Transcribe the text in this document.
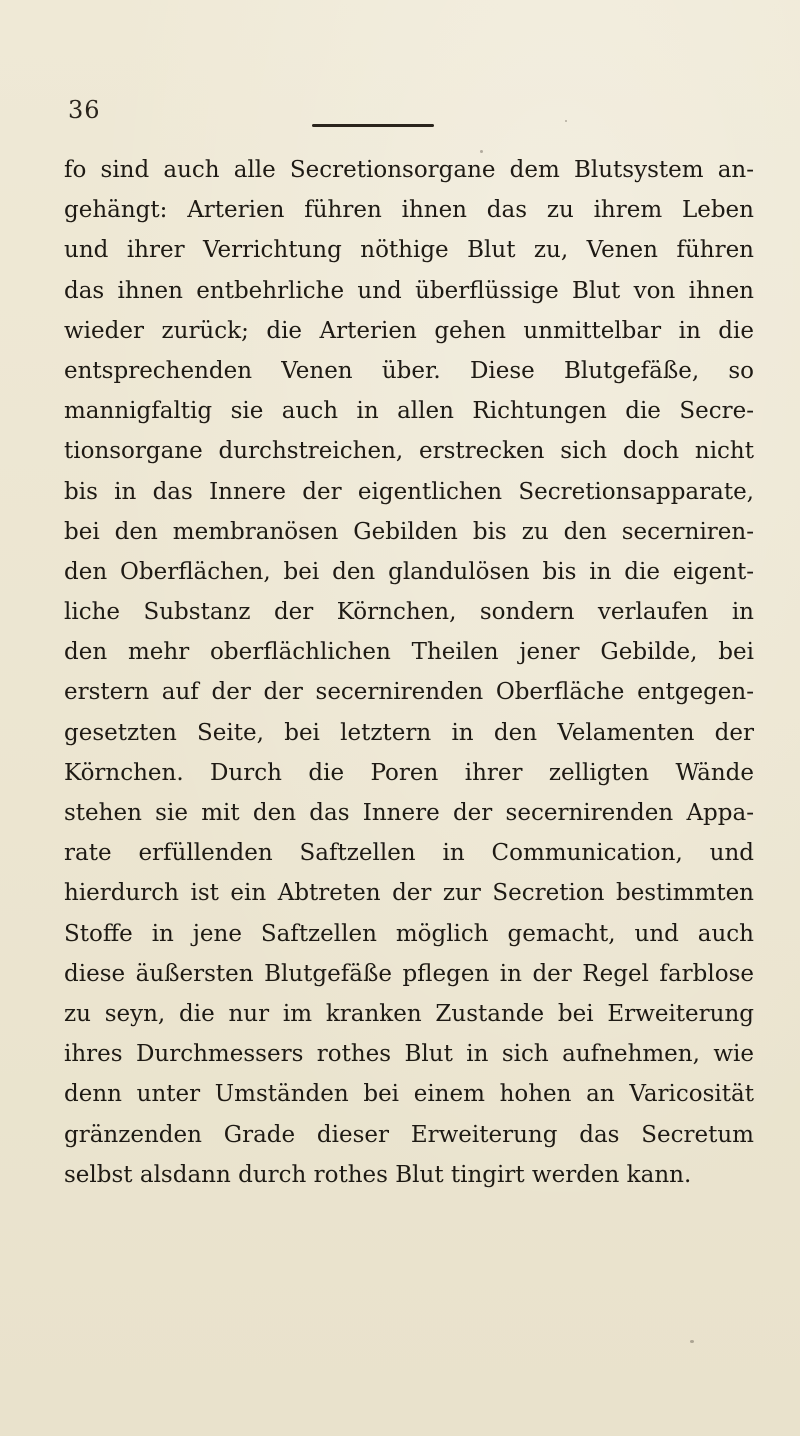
36
fo sind auch alle Secretionsorgane dem Blutsystem an-
gehängt: Arterien führen ihnen das zu ihrem Leben
und ihrer Verrichtung nöthige Blut zu, Venen führen
das ihnen entbehrliche und überflüssige Blut von ihnen
wieder zurück; die Arterien gehen unmittelbar in die
entsprechenden Venen über. Diese Blutgefäße, so
mannigfaltig sie auch in allen Richtungen die Secre-
tionsorgane durchstreichen, erstrecken sich doch nicht
bis in das Innere der eigentlichen Secretionsapparate,
bei den membranösen Gebilden bis zu den secerniren-
den Oberflächen, bei den glandulösen bis in die eigent-
liche Substanz der Körnchen, sondern verlaufen in
den mehr oberflächlichen Theilen jener Gebilde, bei
erstern auf der der secernirenden Oberfläche entgegen-
gesetzten Seite, bei letztern in den Velamenten der
Körnchen. Durch die Poren ihrer zelligten Wände
stehen sie mit den das Innere der secernirenden Appa-
rate erfüllenden Saftzellen in Communication, und
hierdurch ist ein Abtreten der zur Secretion bestimmten
Stoffe in jene Saftzellen möglich gemacht, und auch
diese äußersten Blutgefäße pflegen in der Regel farblose
zu seyn, die nur im kranken Zustande bei Erweiterung
ihres Durchmessers rothes Blut in sich aufnehmen, wie
denn unter Umständen bei einem hohen an Varicosität
gränzenden Grade dieser Erweiterung das Secretum
selbst alsdann durch rothes Blut tingirt werden kann.
